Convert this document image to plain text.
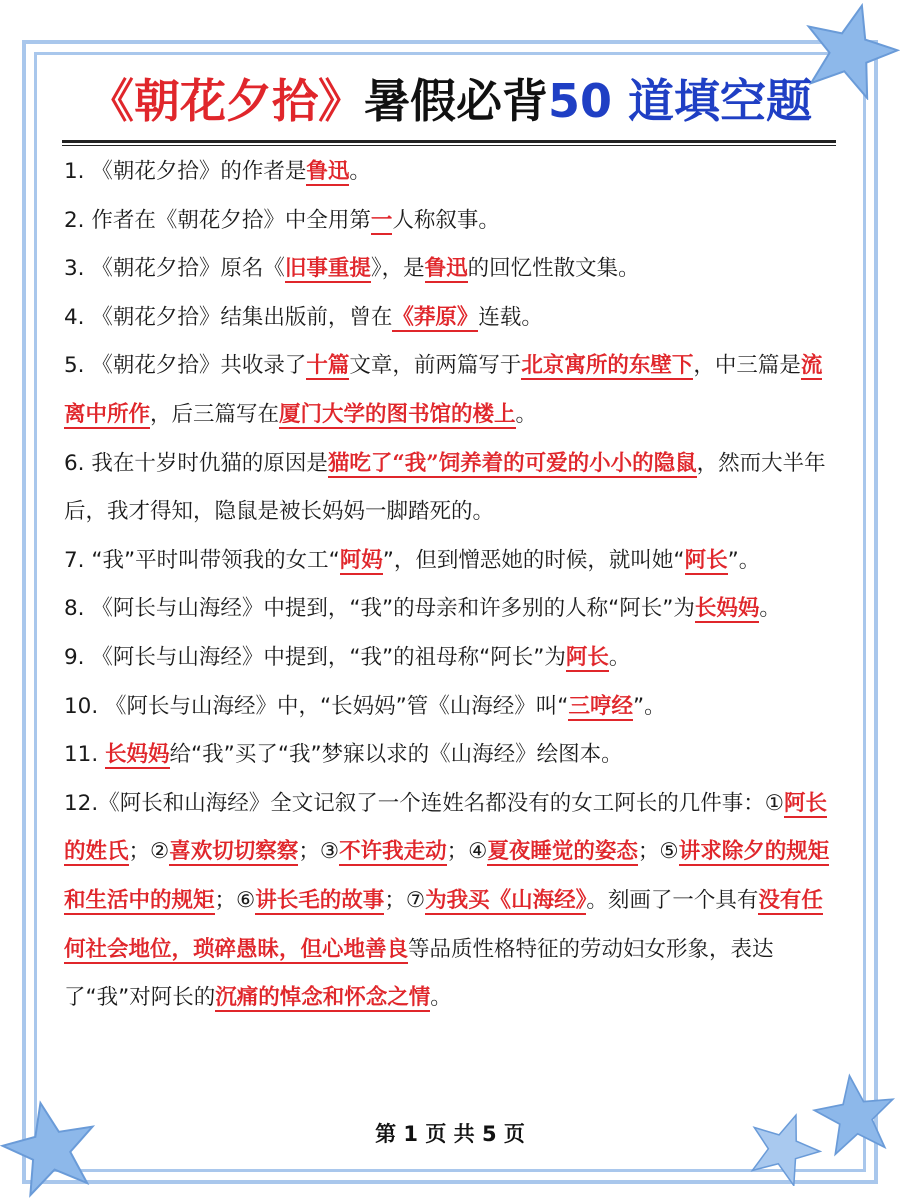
《朝花夕拾》暑假必背50 道填空题

1. 《朝花夕拾》的作者是鲁迅。

2. 作者在《朝花夕拾》中全用第一人称叙事。

3. 《朝花夕拾》原名《旧事重提》，是鲁迅的回忆性散文集。

4. 《朝花夕拾》结集出版前，曾在《莽原》连载。

5. 《朝花夕拾》共收录了十篇文章，前两篇写于北京寓所的东壁下，中三篇是流离中所作，后三篇写在厦门大学的图书馆的楼上。

6. 我在十岁时仇猫的原因是猫吃了“我”饲养着的可爱的小小的隐鼠，然而大半年后，我才得知，隐鼠是被长妈妈一脚踏死的。

7. “我”平时叫带领我的女工“阿妈”，但到憎恶她的时候，就叫她“阿长”。

8. 《阿长与山海经》中提到，“我”的母亲和许多别的人称“阿长”为长妈妈。

9. 《阿长与山海经》中提到，“我”的祖母称“阿长”为阿长。

10. 《阿长与山海经》中，“长妈妈”管《山海经》叫“三哼经”。

11. 长妈妈给“我”买了“我”梦寐以求的《山海经》绘图本。

12.《阿长和山海经》全文记叙了一个连姓名都没有的女工阿长的几件事：①阿长的姓氏；②喜欢切切察察；③不许我走动；④夏夜睡觉的姿态；⑤讲求除夕的规矩和生活中的规矩；⑥讲长毛的故事；⑦为我买《山海经》。刻画了一个具有没有任何社会地位，琐碎愚昧，但心地善良等品质性格特征的劳动妇女形象，表达了“我”对阿长的沉痛的悼念和怀念之情。

第 1 页 共 5 页
